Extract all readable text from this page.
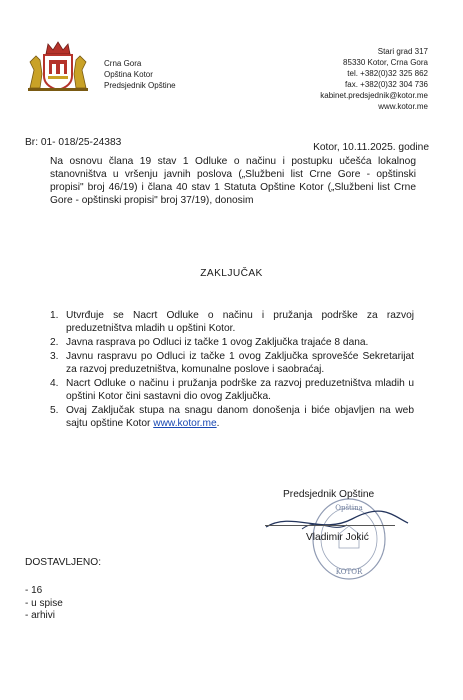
Crna Gora
Opština Kotor
Predsjednik Opštine
Stari grad 317
85330 Kotor, Crna Gora
tel. +382(0)32 325 862
fax. +382(0)32 304 736
kabinet.predsjednik@kotor.me
www.kotor.me
Br: 01- 018/25-24383	Kotor, 10.11.2025. godine
Na osnovu člana 19 stav 1 Odluke o načinu i postupku učešća lokalnog stanovništva u vršenju javnih poslova („Službeni list Crne Gore - opštinski propisi" broj 46/19) i člana 40 stav 1 Statuta Opštine Kotor („Službeni list Crne Gore - opštinski propisi" broj 37/19), donosim
ZAKLJUČAK
1. Utvrđuje se Nacrt Odluke o načinu i pružanja podrške za razvoj preduzetništva mladih u opštini Kotor.
2. Javna rasprava po Odluci iz tačke 1 ovog Zaključka trajaće 8 dana.
3. Javnu raspravu po Odluci iz tačke 1 ovog Zaključka sprovešće Sekretarijat za razvoj preduzetništva, komunalne poslove i saobraćaj.
4. Nacrt Odluke o načinu i pružanja podrške za razvoj preduzetništva mladih u opštini Kotor čini sastavni dio ovog Zaključka.
5. Ovaj Zaključak stupa na snagu danom donošenja i biće objavljen na web sajtu opštine Kotor www.kotor.me.
Opština
KOTOR
Predsjednik Opštine
Vladimir Jokić
DOSTAVLJENO:
- 16
- u spise
- arhivi
